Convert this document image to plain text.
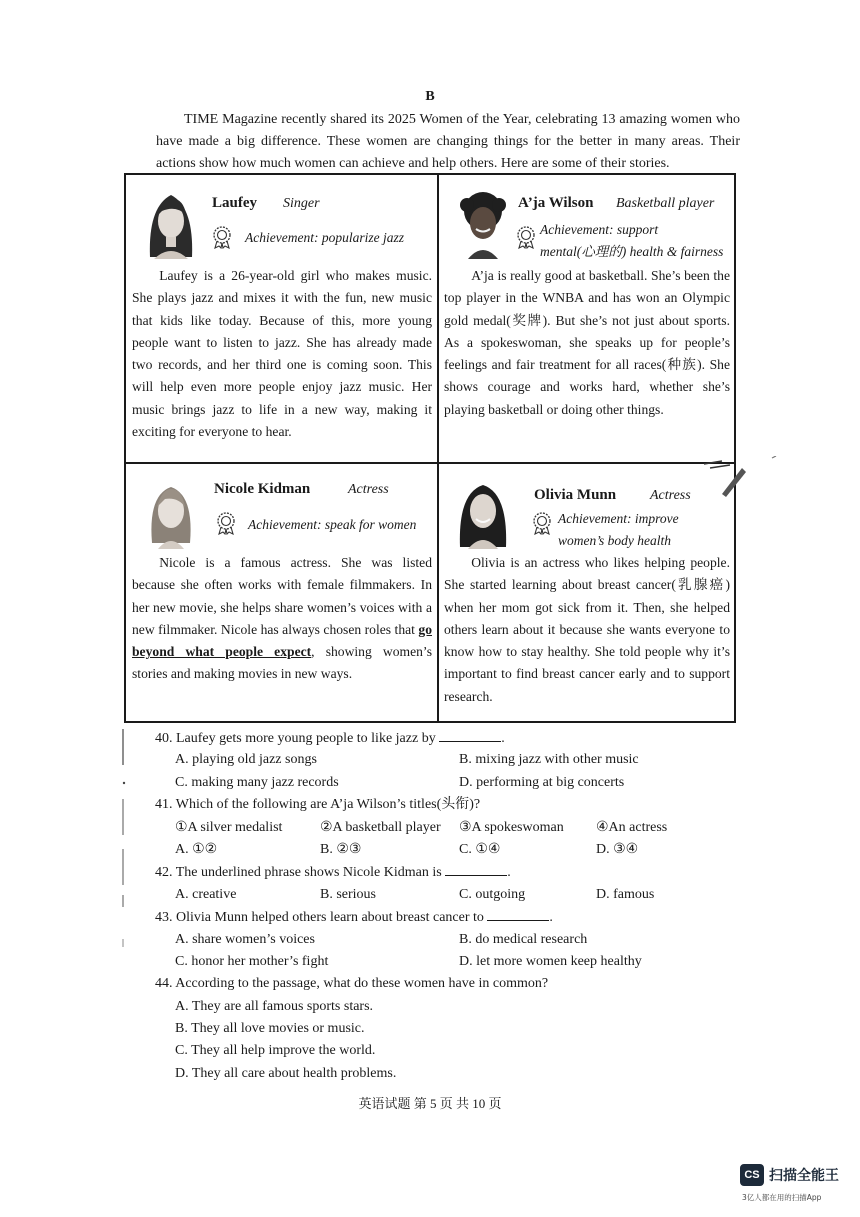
B

TIME Magazine recently shared its 2025 Women of the Year, celebrating 13 amazing women who have made a big difference. These women are changing things for the better in many areas. Their actions show how much women can achieve and help others. Here are some of their stories.

Laufey Singer
Achievement: popularize jazz

Laufey is a 26-year-old girl who makes music. She plays jazz and mixes it with the fun, new music that kids like today. Because of this, more young people want to listen to jazz. She has already made two records, and her third one is coming soon. This will help even more people enjoy jazz music. Her music brings jazz to life in a new way, making it exciting for everyone to hear.

A’ja Wilson Basketball player
Achievement: support
mental(心理的) health & fairness

A’ja is really good at basketball. She’s been the top player in the WNBA and has won an Olympic gold medal(奖牌). But she’s not just about sports. As a spokeswoman, she speaks up for people’s feelings and fair treatment for all races(种族). She shows courage and works hard, whether she’s playing basketball or doing other things.

Nicole Kidman	Actress
Achievement: speak for women

Nicole is a famous actress. She was listed because she often works with female filmmakers. In her new movie, she helps share women’s voices with a new filmmaker. Nicole has always chosen roles that go beyond what people expect, showing women’s stories and making movies in new ways.

Olivia Munn Actress
Achievement: improve
women’s body health

Olivia is an actress who likes helping people. She started learning about breast cancer(乳腺癌) when her mom got sick from it. Then, she helped others learn about it because she wants everyone to know how to stay healthy. She told people why it’s important to find breast cancer early and to support research.

40. Laufey gets more young people to like jazz by	.
A. playing old jazz songs	B. mixing jazz with other music
C. making many jazz records	D. performing at big concerts
41. Which of the following are A’ja Wilson’s titles(头衔)?
①A silver medalist	②A basketball player ③A spokeswoman ④An actress
A. ①②	B. ②③	C. ①④	D. ③④
42. The underlined phrase shows Nicole Kidman is	.
A. creative	B. serious	C. outgoing	D. famous
43. Olivia Munn helped others learn about breast cancer to	.
A. share women’s voices	B. do medical research
C. honor her mother’s fight	D. let more women keep healthy
44. According to the passage, what do these women have in common?
A. They are all famous sports stars.
B. They all love movies or music.
C. They all help improve the world.
D. They all care about health problems.
英语试题 第 5 页 共 10 页
CS 扫描全能王
3亿人都在用的扫描App
